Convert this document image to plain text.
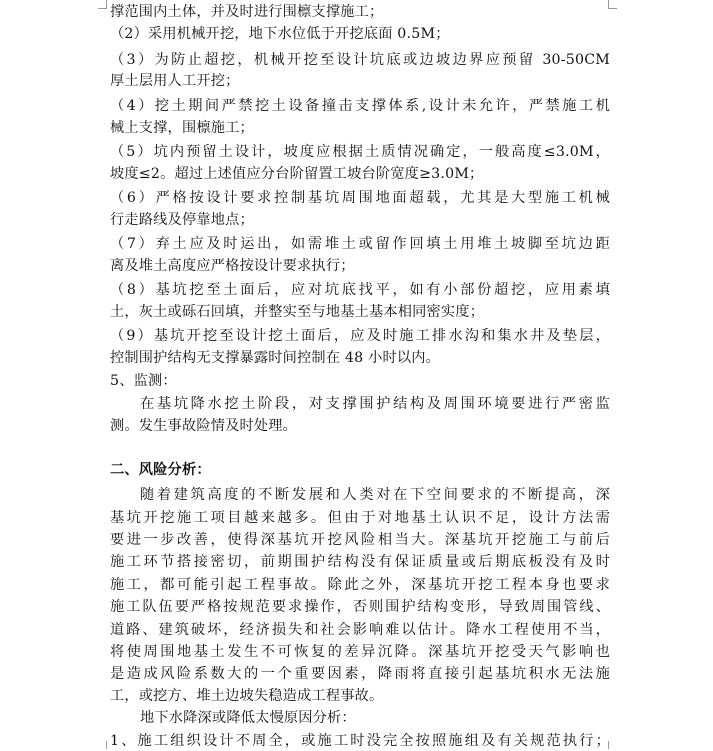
撑范围内土体，并及时进行围檩支撑施工；
（2）采用机械开挖，地下水位低于开挖底面 0.5M；
（3）为防止超挖，机械开挖至设计坑底或边坡边界应预留 30-50CM
厚土层用人工开挖；
（4）挖土期间严禁挖土设备撞击支撑体系,设计未允许，严禁施工机
械上支撑，围檩施工；
（5）坑内预留土设计，坡度应根据土质情况确定，一般高度≤3.0M，
坡度≤2。超过上述值应分台阶留置工坡台阶宽度≥3.0M；
（6）严格按设计要求控制基坑周围地面超载，尤其是大型施工机械
行走路线及停靠地点；
（7）弃土应及时运出，如需堆土或留作回填土用堆土坡脚至坑边距
离及堆土高度应严格按设计要求执行；
（8）基坑挖至土面后，应对坑底找平，如有小部份超挖，应用素填
土，灰土或砾石回填，并整实至与地基土基本相同密实度；
（9）基坑开挖至设计挖土面后，应及时施工排水沟和集水井及垫层，
控制围护结构无支撑暴露时间控制在 48 小时以内。
5、监测：
在基坑降水挖土阶段，对支撑围护结构及周围环境要进行严密监
测。发生事故险情及时处理。
二、风险分析：
随着建筑高度的不断发展和人类对在下空间要求的不断提高，深
基坑开挖施工项目越来越多。但由于对地基土认识不足，设计方法需
要进一步改善，使得深基坑开挖风险相当大。深基坑开挖施工与前后
施工环节搭接密切，前期围护结构没有保证质量或后期底板没有及时
施工，都可能引起工程事故。除此之外，深基坑开挖工程本身也要求
施工队伍要严格按规范要求操作，否则围护结构变形，导致周围管线、
道路、建筑破坏，经济损失和社会影响难以估计。降水工程使用不当，
将使周围地基土发生不可恢复的差异沉降。深基坑开挖受天气影响也
是造成风险系数大的一个重要因素，降雨将直接引起基坑积水无法施
工，或挖方、堆土边坡失稳造成工程事故。
地下水降深或降低太慢原因分析：
1、施工组织设计不周全，或施工时没完全按照施组及有关规范执行；
